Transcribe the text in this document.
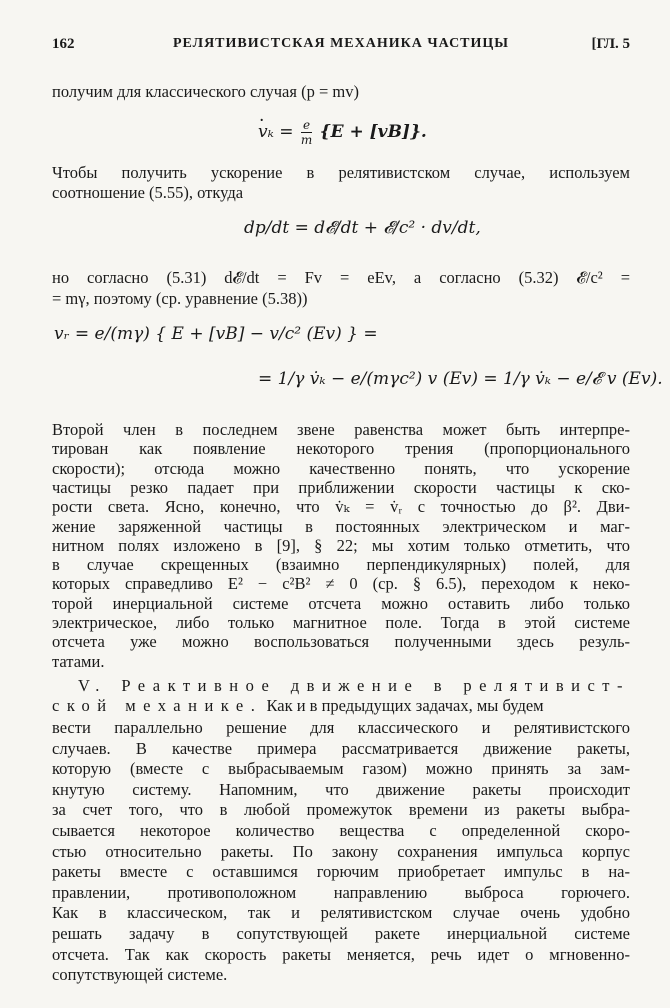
162	РЕЛЯТИВИСТСКАЯ МЕХАНИКА ЧАСТИЦЫ	[ГЛ. 5
получим для классического случая (p = mv)
· $v_k = \frac{e}{m} \{E + [vB]\}$.
Чтобы получить ускорение в релятивистском случае, используем
соотношение (5.55), откуда
dp/dt = d𝓔/dt + 𝓔/c² · dv/dt,
но согласно (5.31) d𝓔/dt = Fv = eEv, а согласно (5.32) 𝓔/c² =
= mγ, поэтому (ср. уравнение (5.38))
vᵣ = e/(mγ) { E + [vB] − v/c² (Ev) } =
= 1/γ v̇ₖ − e/(mγc²) v (Ev) = 1/γ v̇ₖ − e/𝓔 v (Ev).
Второй член в последнем звене равенства может быть интерпре-
тирован как появление некоторого трения (пропорционального
скорости); отсюда можно качественно понять, что ускорение
частицы резко падает при приближении скорости частицы к ско-
рости света. Ясно, конечно, что v̇ₖ = v̇ᵣ с точностью до β². Дви-
жение заряженной частицы в постоянных электрическом и маг-
нитном полях изложено в [9], § 22; мы хотим только отметить, что
в случае скрещенных (взаимно перпендикулярных) полей, для
которых справедливо E² − c²B² ≠ 0 (ср. § 6.5), переходом к неко-
торой инерциальной системе отсчета можно оставить либо только
электрическое, либо только магнитное поле. Тогда в этой системе
отсчета уже можно воспользоваться полученными здесь резуль-
татами.
V. Реактивное движение в релятивист-
ской механике. Как и в предыдущих задачах, мы будем
вести параллельно решение для классического и релятивистского
случаев. В качестве примера рассматривается движение ракеты,
которую (вместе с выбрасываемым газом) можно принять за зам-
кнутую систему. Напомним, что движение ракеты происходит
за счет того, что в любой промежуток времени из ракеты выбра-
сывается некоторое количество вещества с определенной скоро-
стью относительно ракеты. По закону сохранения импульса корпус
ракеты вместе с оставшимся горючим приобретает импульс в на-
правлении, противоположном направлению выброса горючего.
Как в классическом, так и релятивистском случае очень удобно
решать задачу в сопутствующей ракете инерциальной системе
отсчета. Так как скорость ракеты меняется, речь идет о мгновенно-
сопутствующей системе.
